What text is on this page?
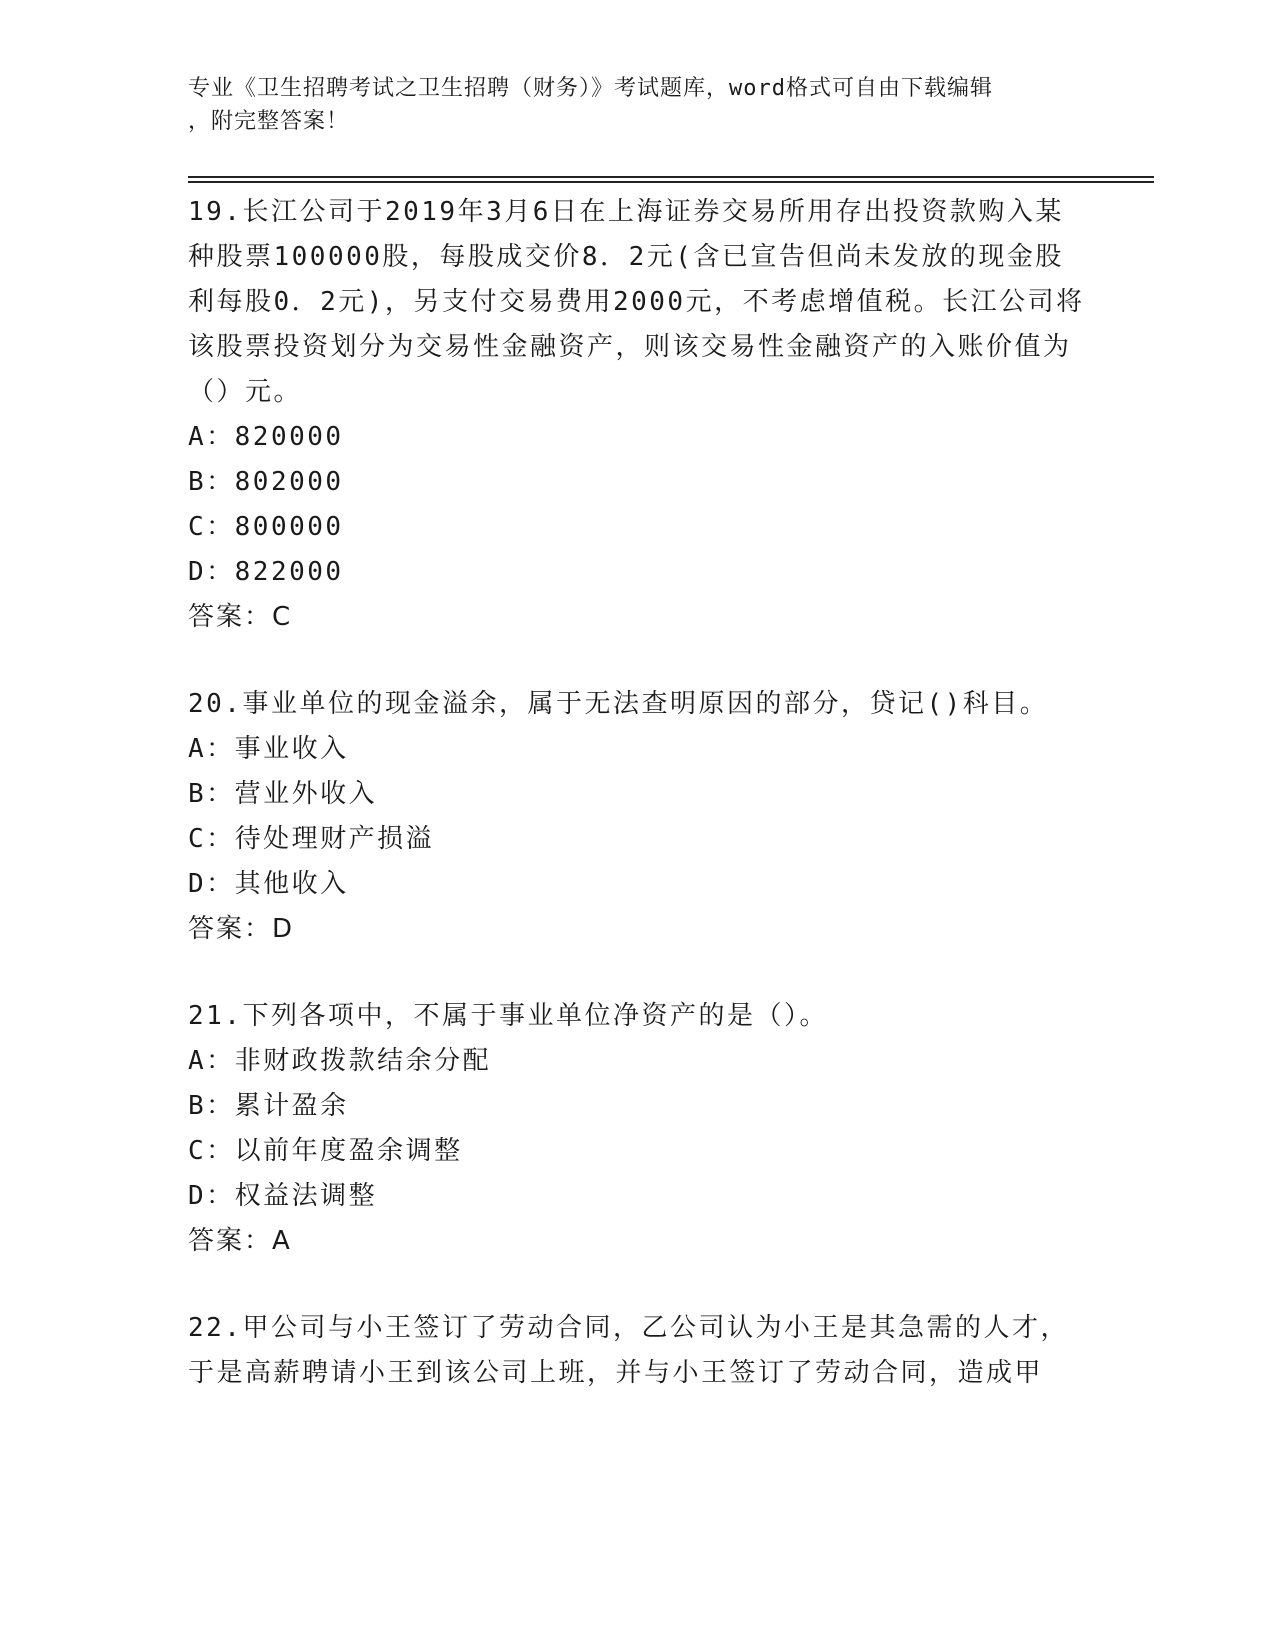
专业《卫生招聘考试之卫生招聘（财务）》考试题库，word格式可自由下载编辑
，附完整答案！

19.长江公司于2019年3月6日在上海证券交易所用存出投资款购入某种股票100000股，每股成交价8．2元(含已宣告但尚未发放的现金股利每股0．2元)，另支付交易费用2000元，不考虑增值税。长江公司将该股票投资划分为交易性金融资产，则该交易性金融资产的入账价值为（）元。

A：820000

B：802000

C：800000

D：822000

答案：C

20.事业单位的现金溢余，属于无法查明原因的部分，贷记()科目。

A：事业收入

B：营业外收入

C：待处理财产损溢

D：其他收入

答案：D

21.下列各项中，不属于事业单位净资产的是（）。

A：非财政拨款结余分配

B：累计盈余

C：以前年度盈余调整

D：权益法调整

答案：A

22.甲公司与小王签订了劳动合同，乙公司认为小王是其急需的人才，于是高薪聘请小王到该公司上班，并与小王签订了劳动合同，造成甲
